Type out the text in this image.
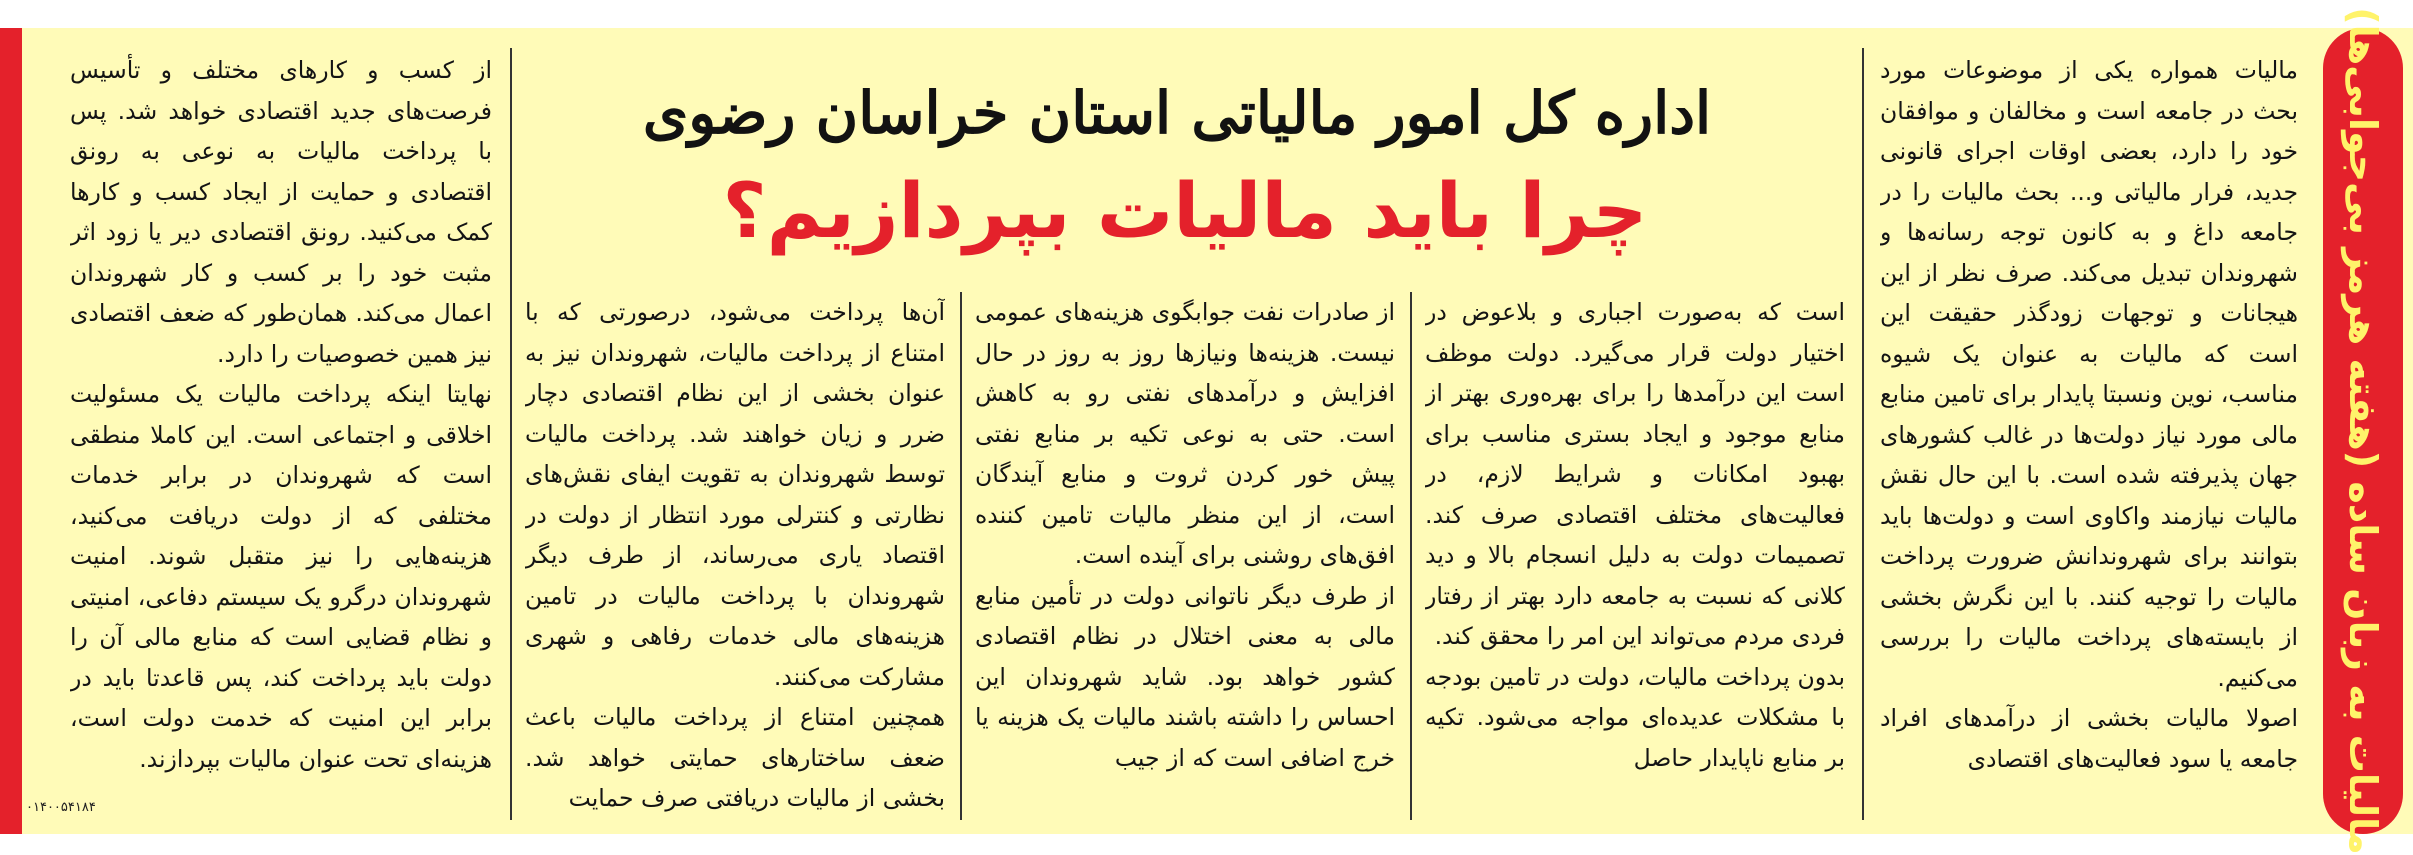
مالیات به زبان ساده (هفته هرمز بی‌جوابی‌ها)

مالیات همواره یکی از موضوعات مورد بحث در جامعه است و مخالفان و موافقان خود را دارد، بعضی اوقات اجرای قانونی جدید، فرار مالیاتی و... بحث مالیات را در جامعه داغ و به کانون توجه رسانه‌ها و شهروندان تبدیل می‌کند. صرف نظر از این هیجانات و توجهات زودگذر حقیقت این است که مالیات به عنوان یک شیوه مناسب، نوین ونسبتا پایدار برای تامین منابع مالی مورد نیاز دولت‌ها در غالب کشورهای جهان پذیرفته شده است. با این حال نقش مالیات نیازمند واکاوی است و دولت‌ها باید بتوانند برای شهروندانش ضرورت پرداخت مالیات را توجیه کنند. با این نگرش بخشی از بایسته‌های پرداخت مالیات را بررسی می‌کنیم.

اصولا مالیات بخشی از درآمدهای افراد جامعه یا سود فعالیت‌های اقتصادی

اداره کل امور مالیاتی استان خراسان رضوی
چرا باید مالیات بپردازیم؟

است که به‌صورت اجباری و بلاعوض در اختیار دولت قرار می‌گیرد. دولت موظف است این درآمدها را برای بهره‌وری بهتر از منابع موجود و ایجاد بستری مناسب برای بهبود امکانات و شرایط لازم، در فعالیت‌های مختلف اقتصادی صرف کند. تصمیمات دولت به دلیل انسجام بالا و دید کلانی که نسبت به جامعه دارد بهتر از رفتار فردی مردم می‌تواند این امر را محقق کند.

بدون پرداخت مالیات، دولت در تامین بودجه با مشکلات عدیده‌ای مواجه می‌شود. تکیه بر منابع ناپایدار حاصل

از صادرات نفت جوابگوی هزینه‌های عمومی نیست. هزینه‌ها ونیازها روز به روز در حال افزایش و درآمدهای نفتی رو به کاهش است. حتی به نوعی تکیه بر منابع نفتی پیش خور کردن ثروت و منابع آیندگان است، از این منظر مالیات تامین کننده افق‌های روشنی برای آینده است.

از طرف دیگر ناتوانی دولت در تأمین منابع مالی به معنی اختلال در نظام اقتصادی کشور خواهد بود. شاید شهروندان این احساس را داشته باشند مالیات یک هزینه یا خرج اضافی است که از جیب

آن‌ها پرداخت می‌شود، درصورتی که با امتناع از پرداخت مالیات، شهروندان نیز به عنوان بخشی از این نظام اقتصادی دچار ضرر و زیان خواهند شد. پرداخت مالیات توسط شهروندان به تقویت ایفای نقش‌های نظارتی و کنترلی مورد انتظار از دولت در اقتصاد یاری می‌رساند، از طرف دیگر شهروندان با پرداخت مالیات در تامین هزینه‌های مالی خدمات رفاهی و شهری مشارکت می‌کنند.

همچنین امتناع از پرداخت مالیات باعث ضعف ساختارهای حمایتی خواهد شد. بخشی از مالیات دریافتی صرف حمایت

از کسب و کارهای مختلف و تأسیس فرصت‌های جدید اقتصادی خواهد شد. پس با پرداخت مالیات به نوعی به رونق اقتصادی و حمایت از ایجاد کسب و کارها کمک می‌کنید. رونق اقتصادی دیر یا زود اثر مثبت خود را بر کسب و کار شهروندان اعمال می‌کند. همان‌طور که ضعف اقتصادی نیز همین خصوصیات را دارد.

نهایتا اینکه پرداخت مالیات یک مسئولیت اخلاقی و اجتماعی است. این کاملا منطقی است که شهروندان در برابر خدمات مختلفی که از دولت دریافت می‌کنید، هزینه‌هایی را نیز متقبل شوند. امنیت شهروندان درگرو یک سیستم دفاعی، امنیتی و نظام قضایی است که منابع مالی آن را دولت باید پرداخت کند، پس قاعدتا باید در برابر این امنیت که خدمت دولت است، هزینه‌ای تحت عنوان مالیات بپردازند.

۰۱۴۰۰۵۴۱۸۴
